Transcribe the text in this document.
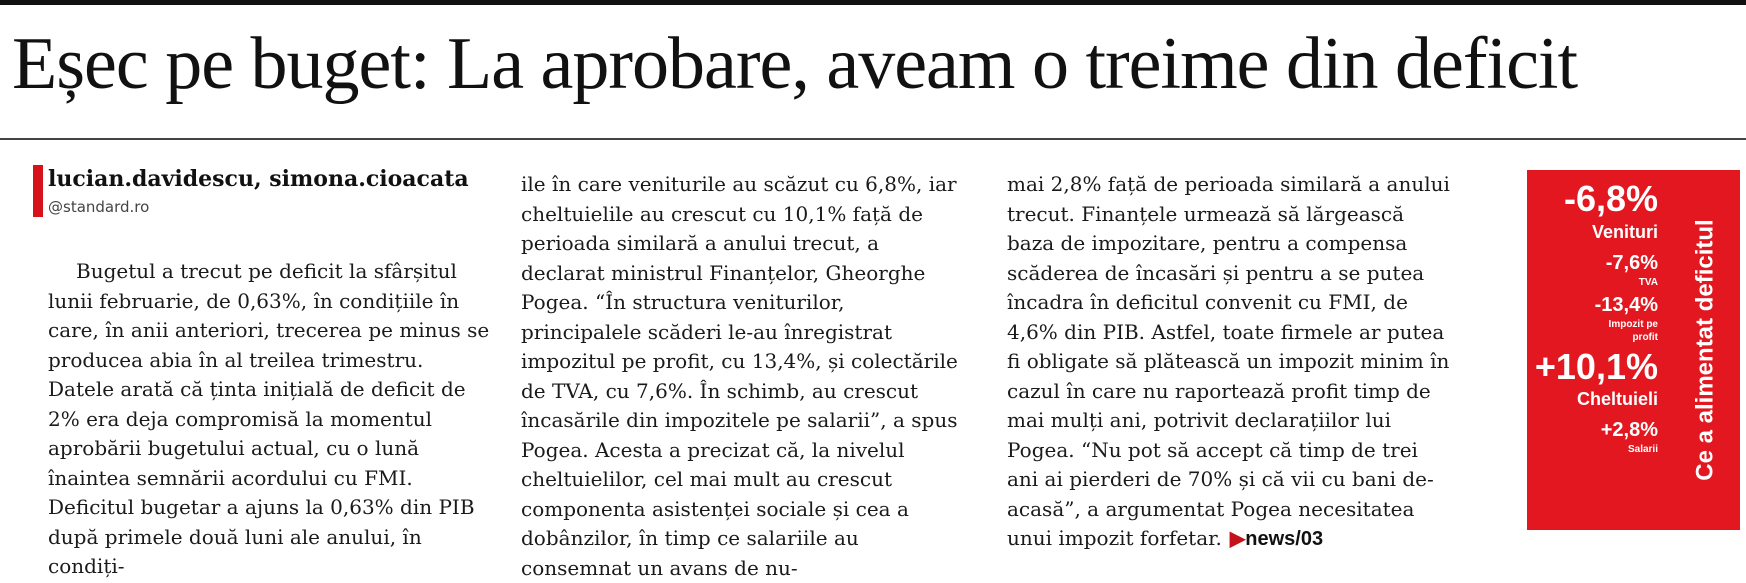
Eșec pe buget: La aprobare, aveam o treime din deficit
lucian.davidescu, simona.cioacata
@standard.ro

Bugetul a trecut pe deficit la sfârșitul lunii februarie, de 0,63%, în condițiile în care, în anii anteriori, trecerea pe minus se producea abia în al treilea trimestru. Datele arată că ținta inițială de deficit de 2% era deja compromisă la momentul aprobării bugetului actual, cu o lună înaintea semnării acordului cu FMI. Deficitul bugetar a ajuns la 0,63% din PIB după primele două luni ale anului, în condiți-

ile în care veniturile au scăzut cu 6,8%, iar cheltuielile au crescut cu 10,1% față de perioada similară a anului trecut, a declarat ministrul Finanțelor, Gheorghe Pogea. “În structura veniturilor, principalele scăderi le-au înregistrat impozitul pe profit, cu 13,4%, și colectările de TVA, cu 7,6%. În schimb, au crescut încasările din impozitele pe salarii”, a spus Pogea. Acesta a precizat că, la nivelul cheltuielilor, cel mai mult au crescut componenta asistenței sociale și cea a dobânzilor, în timp ce salariile au consemnat un avans de nu-

mai 2,8% față de perioada similară a anului trecut. Finanțele urmează să lărgească baza de impozitare, pentru a compensa scăderea de încasări și pentru a se putea încadra în deficitul convenit cu FMI, de 4,6% din PIB. Astfel, toate firmele ar putea fi obligate să plătească un impozit minim în cazul în care nu raportează profit timp de mai mulți ani, potrivit declarațiilor lui Pogea. “Nu pot să accept că timp de trei ani ai pierderi de 70% și că vii cu bani de-acasă”, a argumentat Pogea necesitatea unui impozit forfetar. ▶news/03

-6,8%
Venituri
-7,6%
TVA
-13,4%
Impozit pe
profit
+10,1%
Cheltuieli
+2,8%
Salarii Ce a alimentat deficitul
